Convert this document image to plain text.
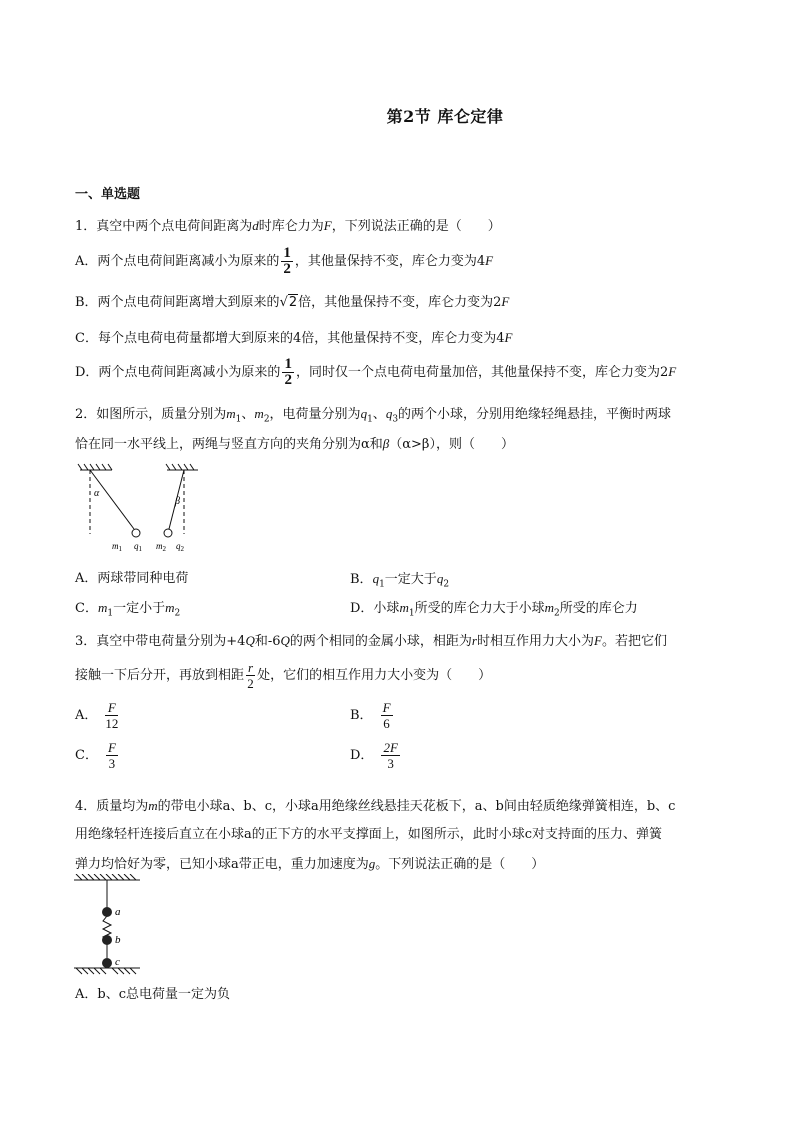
第2节 库仑定律
一、单选题
1．真空中两个点电荷间距离为d时库仑力为F，下列说法正确的是（　　）
A．两个点电荷间距离减小为原来的 $\frac{1}{2}$ ，其他量保持不变，库仑力变为4F
B．两个点电荷间距离增大到原来的√2倍，其他量保持不变，库仑力变为2F
C．每个点电荷电荷量都增大到原来的4倍，其他量保持不变，库仑力变为4F
D．两个点电荷间距离减小为原来的 $\frac{1}{2}$ ，同时仅一个点电荷电荷量加倍，其他量保持不变，库仑力变为2F
2．如图所示，质量分别为$m_1$、$m_2$，电荷量分别为$q_1$、$q_3$的两个小球，分别用绝缘轻绳悬挂，平衡时两球
恰在同一水平线上，两绳与竖直方向的夹角分别为α和β（α>β），则（　　）
α
β
$m_1$ $q_1$ $m_2$ $q_2$
A．两球带同种电荷	B．$q_1$一定大于$q_2$
C．$m_1$一定小于$m_2$	D．小球$m_1$所受的库仑力大于小球$m_2$所受的库仑力
3．真空中带电荷量分别为+4Q和-6Q的两个相同的金属小球，相距为r时相互作用力大小为F。若把它们
接触一下后分开，再放到相距 $\frac{r}{2}$ 处，它们的相互作用力大小变为（　　）
A． $\frac{F}{12}$	B． $\frac{F}{6}$
C． $\frac{F}{3}$	D． $\frac{2F}{3}$
4．质量均为m的带电小球a、b、c，小球a用绝缘丝线悬挂天花板下，a、b间由轻质绝缘弹簧相连，b、c
用绝缘轻杆连接后直立在小球a的正下方的水平支撑面上，如图所示，此时小球c对支持面的压力、弹簧
弹力均恰好为零，已知小球a带正电，重力加速度为g。下列说法正确的是（　　）
a
b
c
A．b、c总电荷量一定为负
